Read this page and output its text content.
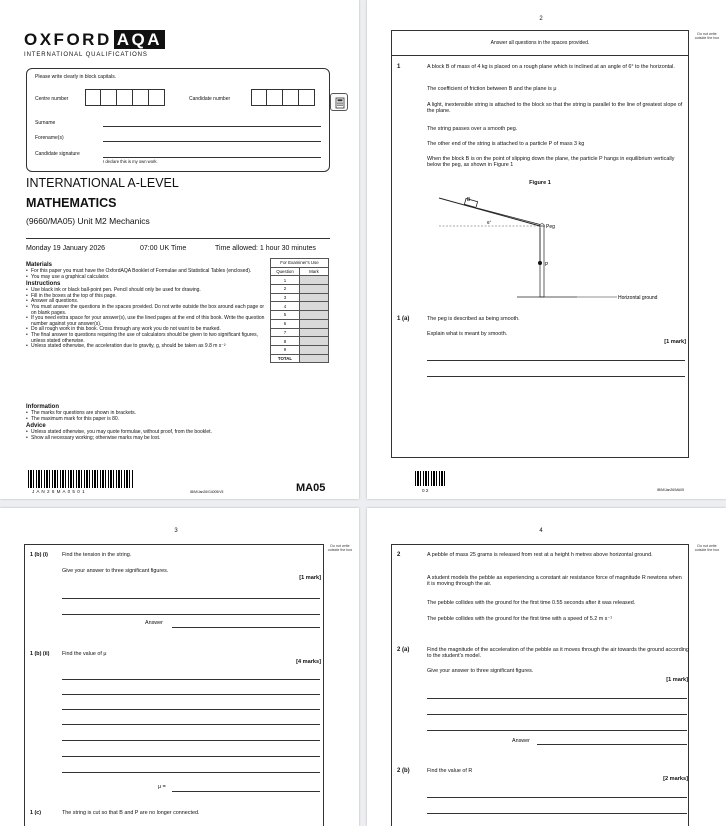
OXFORD AQA
INTERNATIONAL QUALIFICATIONS
Please write clearly in block capitals.
Centre number	Candidate number
Surname
Forename(s)
Candidate signature
I declare this is my own work.
INTERNATIONAL A-LEVEL
MATHEMATICS
(9660/MA05) Unit M2 Mechanics
Monday 19 January 2026	07:00 UK Time	Time allowed: 1 hour 30 minutes
Materials
• For this paper you must have the OxfordAQA Booklet of Formulae and Statistical Tables (enclosed).
• You may use a graphical calculator.
Instructions
• Use black ink or black ball-point pen. Pencil should only be used for drawing.
• Fill in the boxes at the top of this page.
• Answer all questions.
• You must answer the questions in the spaces provided. Do not write outside the box around each page or on blank pages.
• If you need extra space for your answer(s), use the lined pages at the end of this book. Write the question number against your answer(s).
• Do all rough work in this book. Cross through any work you do not want to be marked.
• The final answer to questions requiring the use of calculators should be given to two significant figures, unless stated otherwise.
• Unless stated otherwise, the acceleration due to gravity, g, should be taken as 9.8 m s⁻²
Information
• The marks for questions are shown in brackets.
• The maximum mark for this paper is 80.
Advice
• Unless stated otherwise, you may quote formulae, without proof, from the booklet.
• Show all necessary working; otherwise marks may be lost.
For Examiner's Use	
Question	Mark
1	
2	
3	
4	
5	
6	
7	
8	
9	
TOTAL	
J A N 2 6 M A 0 5 0 1	IB/M/Jan26/G4005/V5	MA05
2
Answer all questions in the spaces provided.
Do not write outside the box
1	A block B of mass of 4 kg is placed on a rough plane which is inclined at an angle of 6° to the horizontal.
The coefficient of friction between B and the plane is μ
A light, inextensible string is attached to the block so that the string is parallel to the line of greatest slope of the plane.
The string passes over a smooth peg.
The other end of the string is attached to a particle P of mass 3 kg
When the block B is on the point of slipping down the plane, the particle P hangs in equilibrium vertically below the peg, as shown in Figure 1
Figure 1
B
6°
Peg
P
Horizontal ground
1 (a)	The peg is described as being smooth.
Explain what is meant by smooth.
[1 mark]
0 2	IB/M/Jan26/MA05
3
Do not write outside the box
1 (b) (i)	Find the tension in the string.
Give your answer to three significant figures.
[1 mark]
Answer
1 (b) (ii) Find the value of μ
[4 marks]
μ =
1 (c)	The string is cut so that B and P are no longer connected.
4
Do not write outside the box
2	A pebble of mass 25 grams is released from rest at a height h metres above horizontal ground.
A student models the pebble as experiencing a constant air resistance force of magnitude R newtons when it is moving through the air.
The pebble collides with the ground for the first time 0.55 seconds after it was released.
The pebble collides with the ground for the first time with a speed of 5.2 m s⁻¹
2 (a)	Find the magnitude of the acceleration of the pebble as it moves through the air towards the ground according to the student's model.
Give your answer to three significant figures.
[1 mark]
Answer
2 (b)	Find the value of R
[2 marks]
